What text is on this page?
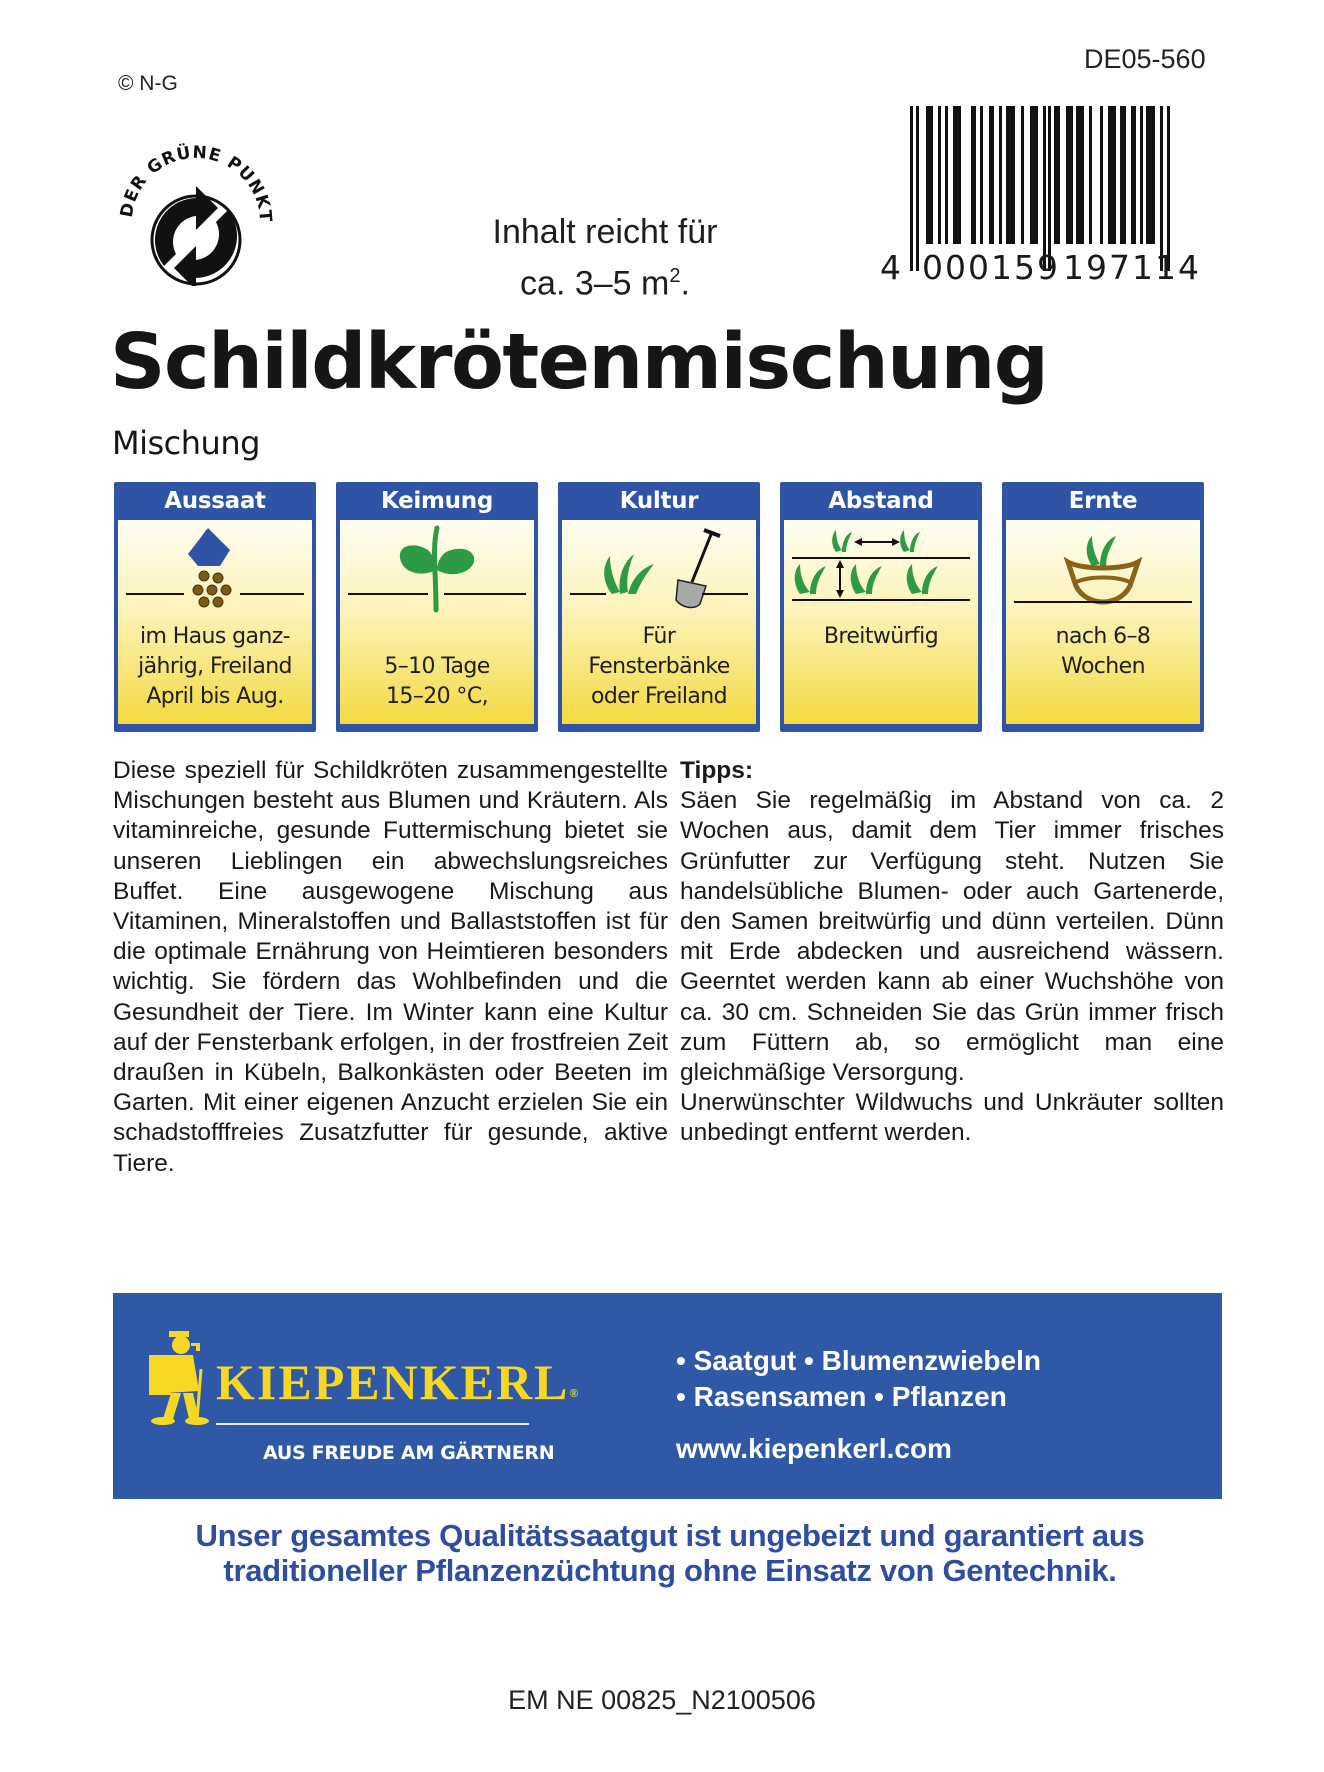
© N-G
DE05-560
DER GRÜNE PUNKT	Inhalt reicht für
ca. 3–5 $m^2$.	4 000159 197114
Schildkrötenmischung
Mischung
Aussaat
im Haus ganz-
jährig, Freiland
April bis Aug.
Keimung
5–10 Tage
15–20 °C,
Kultur
Für
Fensterbänke
oder Freiland
Abstand
Breitwürfig
Ernte
nach 6–8
Wochen
Diese speziell für Schildkröten zusammengestellte Mischungen besteht aus Blumen und Kräutern. Als vitaminreiche, gesunde Futtermischung bietet sie unseren Lieblingen ein abwechslungsreiches Buffet. Eine ausgewogene Mischung aus Vitaminen, Mineralstoffen und Ballaststoffen ist für die optimale Ernährung von Heimtieren besonders wichtig. Sie fördern das Wohlbefinden und die Gesundheit der Tiere. Im Winter kann eine Kultur auf der Fensterbank erfolgen, in der frostfreien Zeit draußen in Kübeln, Balkonkästen oder Beeten im Garten. Mit einer eigenen Anzucht erzielen Sie ein schadstofffreies Zusatzfutter für gesunde, aktive Tiere.
Tipps:
Säen Sie regelmäßig im Abstand von ca. 2 Wochen aus, damit dem Tier immer frisches Grünfutter zur Verfügung steht. Nutzen Sie handelsübliche Blumen- oder auch Gartenerde, den Samen breitwürfig und dünn verteilen. Dünn mit Erde abdecken und ausreichend wässern. Geerntet werden kann ab einer Wuchshöhe von ca. 30 cm. Schneiden Sie das Grün immer frisch zum Füttern ab, so ermöglicht man eine gleichmäßige Versorgung.
Unerwünschter Wildwuchs und Unkräuter sollten unbedingt entfernt werden.
KIEPENKERL®
AUS FREUDE AM GÄRTNERN
• Saatgut • Blumenzwiebeln
• Rasensamen • Pflanzen
www.kiepenkerl.com
Unser gesamtes Qualitätssaatgut ist ungebeizt und garantiert aus
traditioneller Pflanzenzüchtung ohne Einsatz von Gentechnik.
EM NE 00825_N2100506
